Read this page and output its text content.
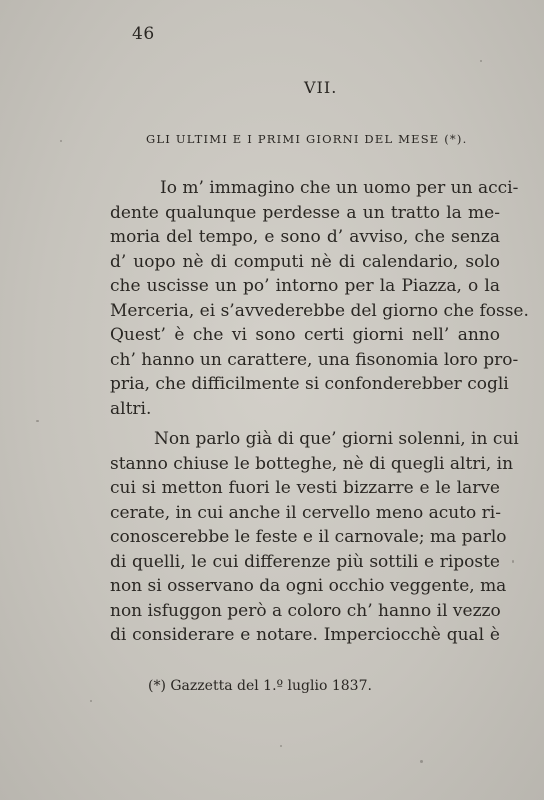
46
VII.
GLI ULTIMI E I PRIMI GIORNI DEL MESE (*).
Io m’ immagino che un uomo per un acci-
dente qualunque perdesse a un tratto la me-
moria del tempo, e sono d’ avviso, che senza
d’ uopo nè di computi nè di calendario, solo
che uscisse un po’ intorno per la Piazza, o la
Merceria, ei s’avvederebbe del giorno che fosse.
Quest’ è che vi sono certi giorni nell’ anno
ch’ hanno un carattere, una fisonomia loro pro-
pria, che difficilmente si confonderebber cogli
altri.
Non parlo già di que’ giorni solenni, in cui
stanno chiuse le botteghe, nè di quegli altri, in
cui si metton fuori le vesti bizzarre e le larve
cerate, in cui anche il cervello meno acuto ri-
conoscerebbe le feste e il carnovale; ma parlo
di quelli, le cui differenze più sottili e riposte
non si osservano da ogni occhio veggente, ma
non isfuggon però a coloro ch’ hanno il vezzo
di considerare e notare. Imperciocchè qual è
(*) Gazzetta del 1.º luglio 1837.
